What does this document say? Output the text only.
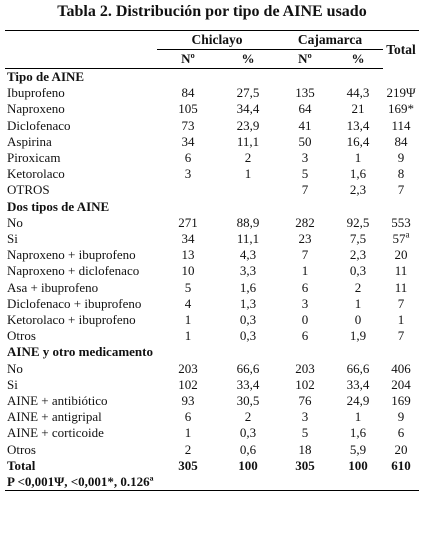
Tabla 2. Distribución por tipo de AINE usado
	Chiclayo		Cajamarca		Total
	Nº	%	Nº	%	
Tipo de AINE					
Ibuprofeno	84	27,5	135	44,3	219Ψ
Naproxeno	105	34,4	64	21	169*
Diclofenaco	73	23,9	41	13,4	114
Aspirina	34	11,1	50	16,4	84
Piroxicam	6	2	3	1	9
Ketorolaco	3	1	5	1,6	8
OTROS			7	2,3	7
Dos tipos de AINE					
No	271	88,9	282	92,5	553
Si	34	11,1	23	7,5	57$^a$
Naproxeno + ibuprofeno	13	4,3	7	2,3	20
Naproxeno + diclofenaco	10	3,3	1	0,3	11
Asa + ibuprofeno	5	1,6	6	2	11
Diclofenaco + ibuprofeno	4	1,3	3	1	7
Ketorolaco + ibuprofeno	1	0,3	0	0	1
Otros	1	0,3	6	1,9	7
AINE y otro medicamento					
No	203	66,6	203	66,6	406
Si	102	33,4	102	33,4	204
AINE + antibiótico	93	30,5	76	24,9	169
AINE + antigripal	6	2	3	1	9
AINE + corticoide	1	0,3	5	1,6	6
Otros	2	0,6	18	5,9	20
Total	305	100	305	100	610
P <0,001Ψ, <0,001*, 0.126ª					
